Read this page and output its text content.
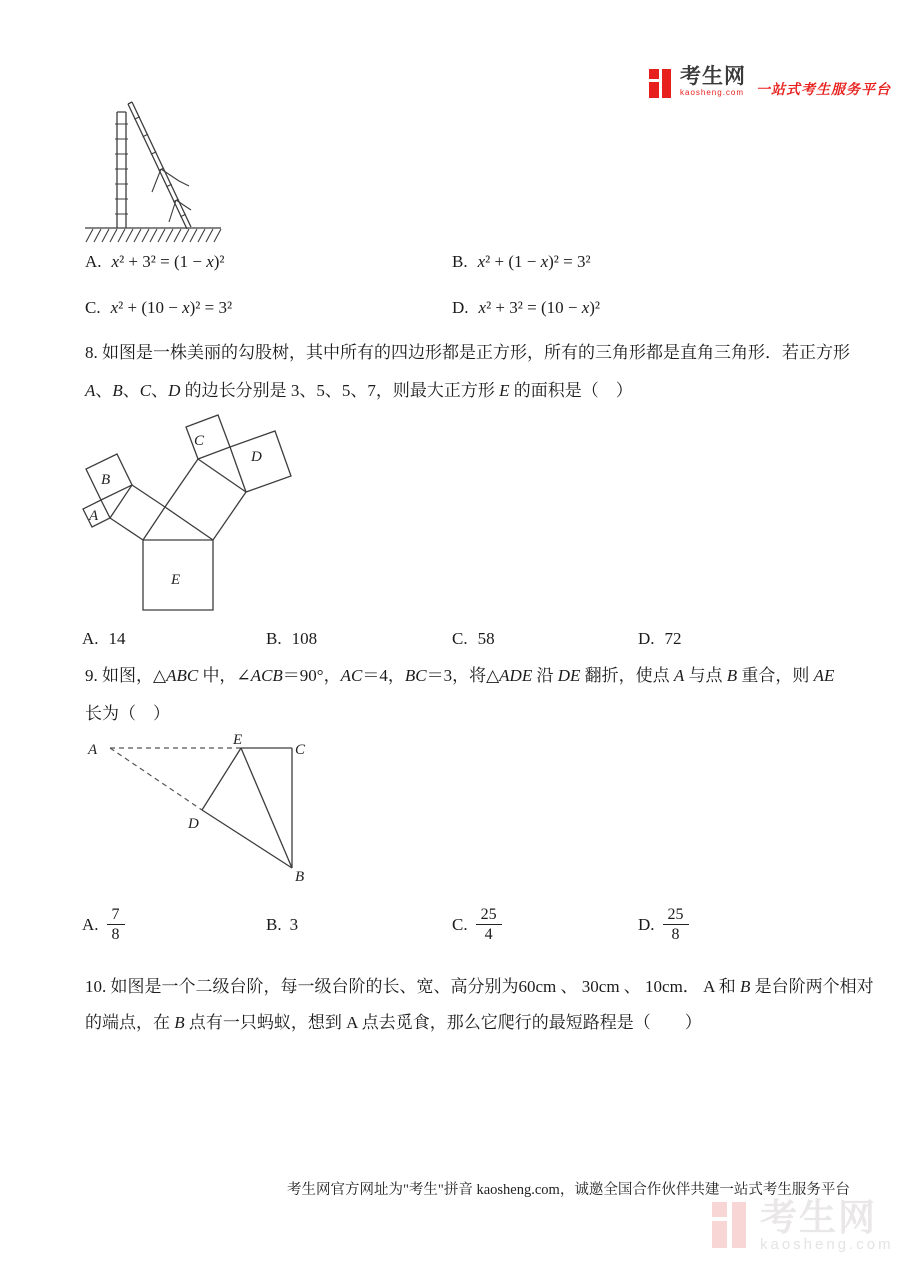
考生网
kaosheng.com 一站式考生服务平台
A. x² + 3² = (1 − x)²	B. x² + (1 − x)² = 3²
C. x² + (10 − x)² = 3²	D. x² + 3² = (10 − x)²
8. 如图是一株美丽的勾股树，其中所有的四边形都是正方形，所有的三角形都是直角三角形．若正方形
A、B、C、D 的边长分别是 3、5、5、7，则最大正方形 E 的面积是（　）
A
B
C
D
E
A. 14	B. 108	C. 58	D. 72
9. 如图，△ABC 中，∠ACB＝90°，AC＝4，BC＝3，将△ADE 沿 DE 翻折，使点 A 与点 B 重合，则 AE
长为（　）
A
E
C
D
B
A. $\frac{7}{8}$	B. 3	C. $\frac{25}{4}$	D. $\frac{25}{8}$
10. 如图是一个二级台阶，每一级台阶的长、宽、高分别为60cm 、 30cm 、 10cm． A 和 B 是台阶两个相对
的端点，在 B 点有一只蚂蚁，想到 A 点去觅食，那么它爬行的最短路程是（　　）
考生网官方网址为"考生"拼音 kaosheng.com，诚邀全国合作伙伴共建一站式考生服务平台
考生网
kaosheng.com
